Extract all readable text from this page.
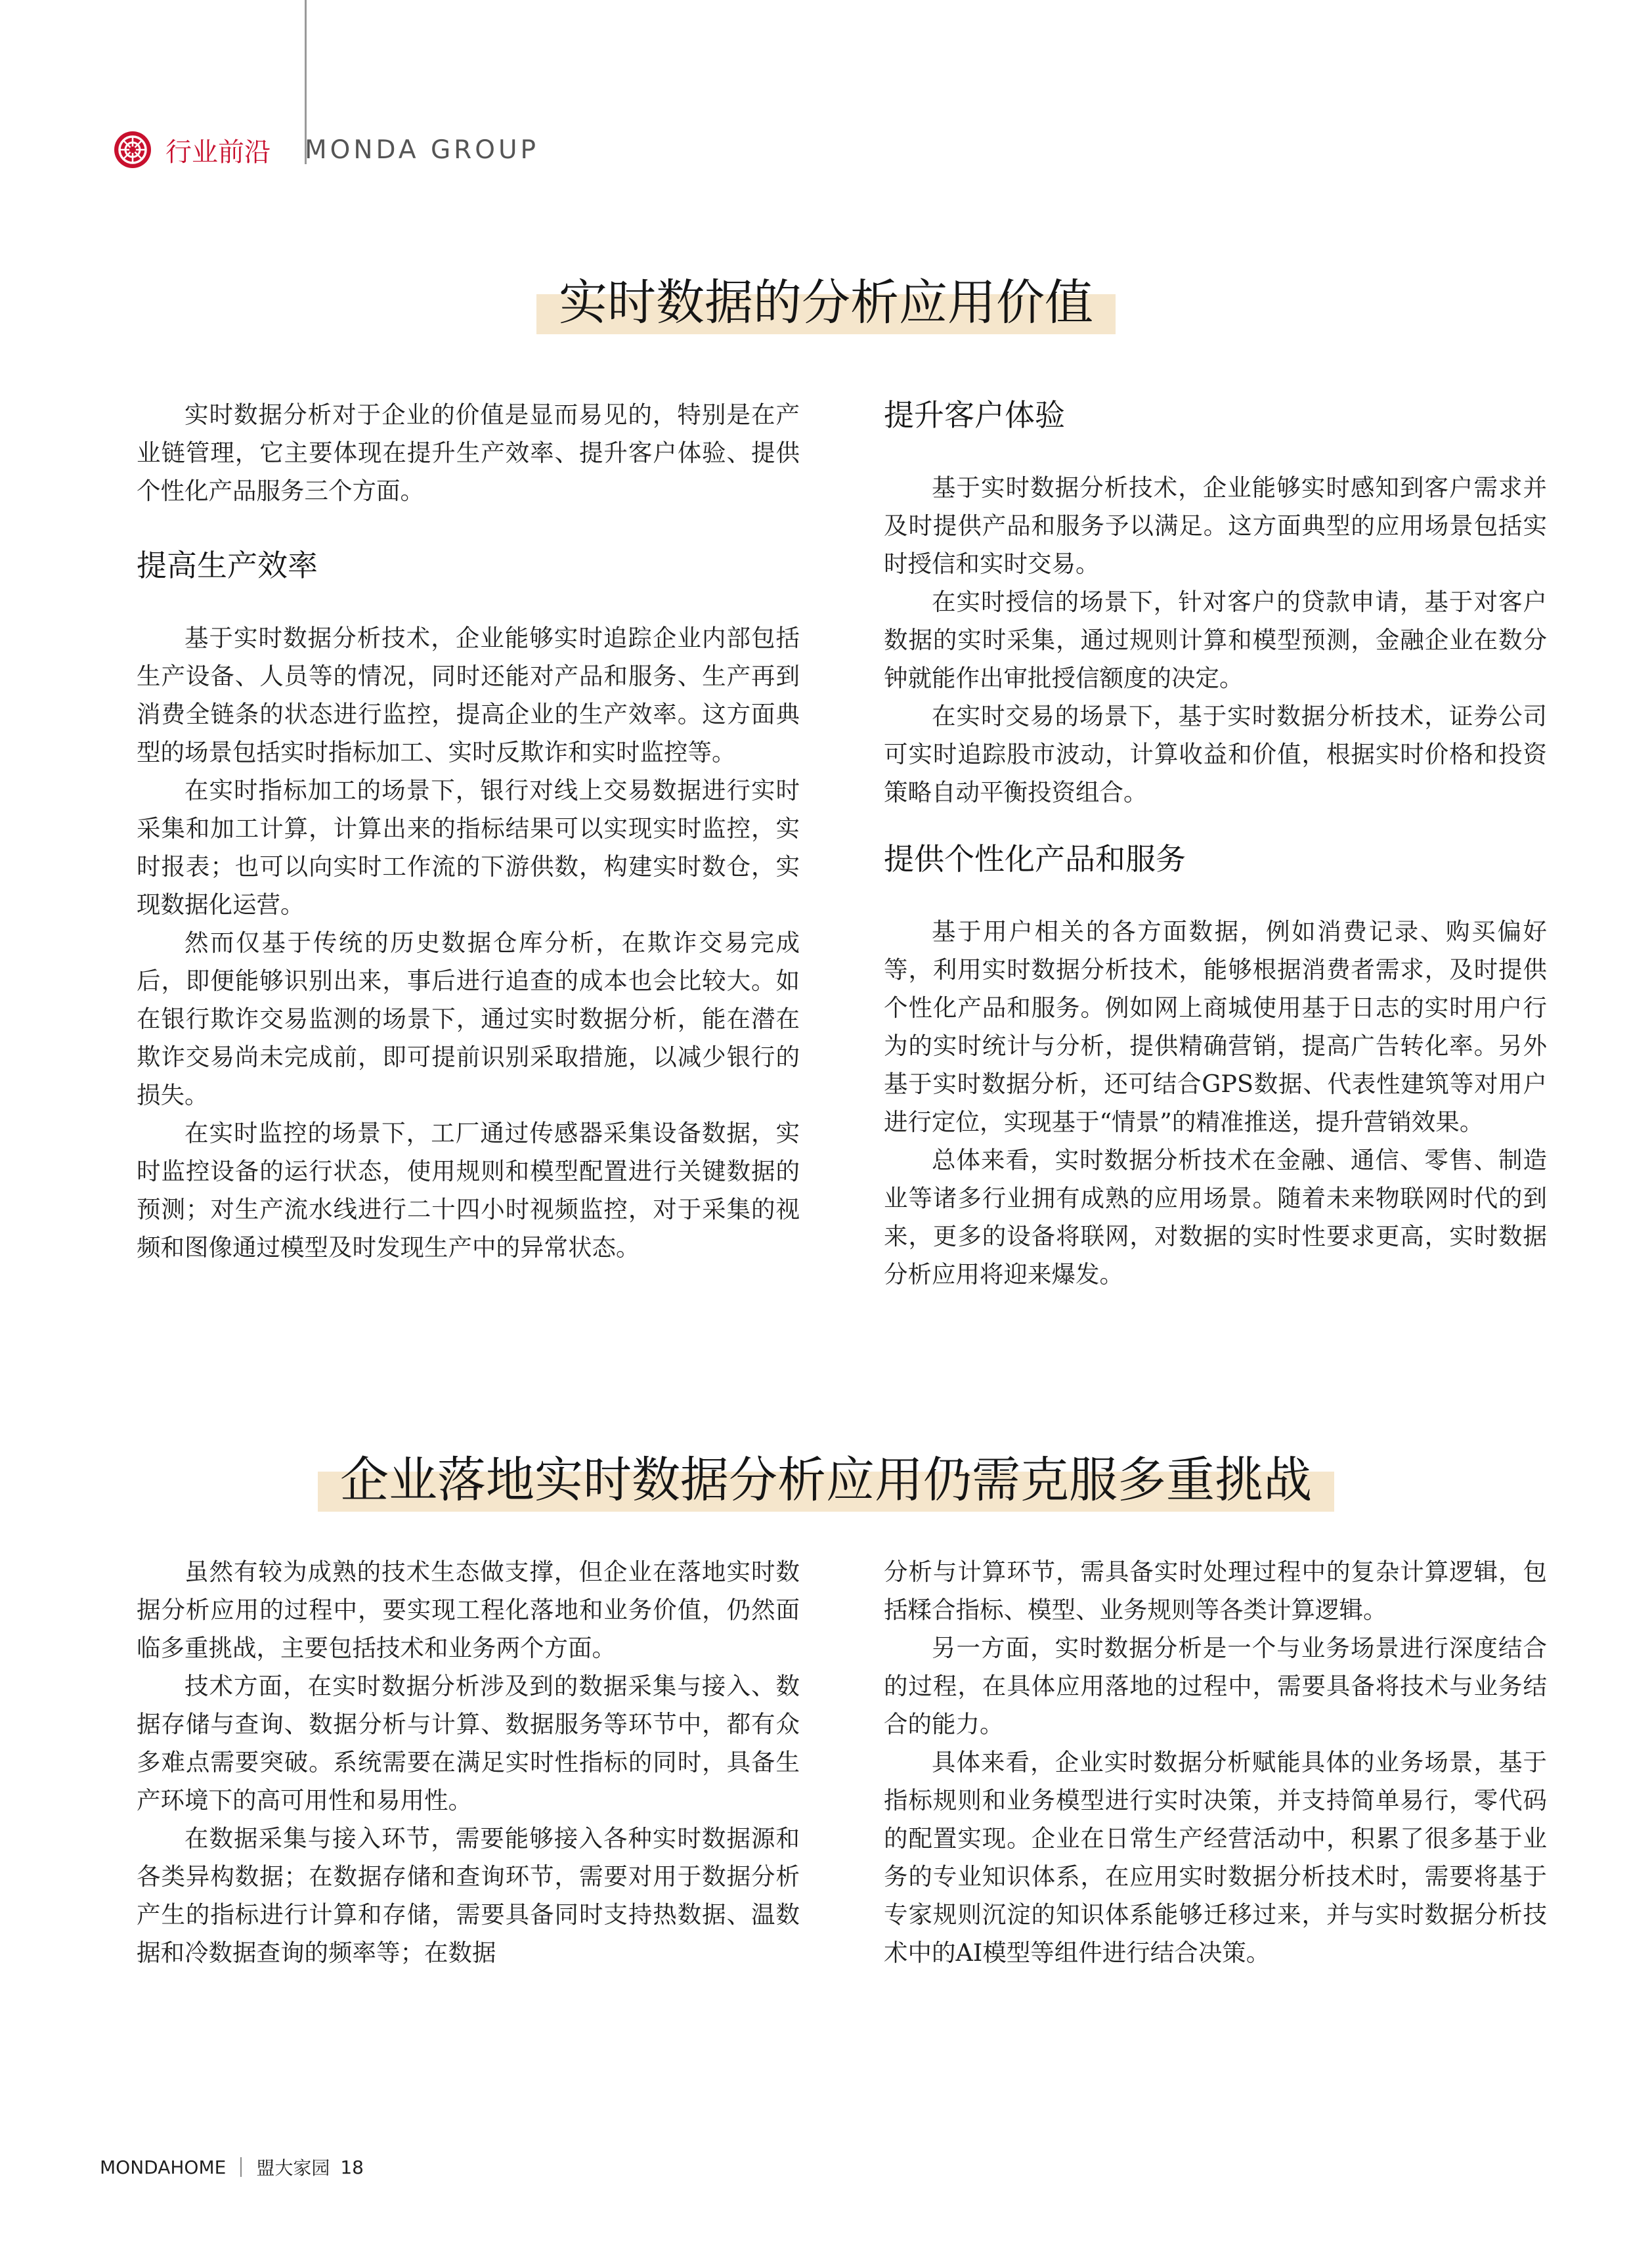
行业前沿 MONDA GROUP
实时数据的分析应用价值

实时数据分析对于企业的价值是显而易见的，特别是在产业链管理，它主要体现在提升生产效率、提升客户体验、提供个性化产品服务三个方面。

提高生产效率

基于实时数据分析技术，企业能够实时追踪企业内部包括生产设备、人员等的情况，同时还能对产品和服务、生产再到消费全链条的状态进行监控，提高企业的生产效率。这方面典型的场景包括实时指标加工、实时反欺诈和实时监控等。

在实时指标加工的场景下，银行对线上交易数据进行实时采集和加工计算，计算出来的指标结果可以实现实时监控，实时报表；也可以向实时工作流的下游供数，构建实时数仓，实现数据化运营。

然而仅基于传统的历史数据仓库分析，在欺诈交易完成后，即便能够识别出来，事后进行追查的成本也会比较大。如在银行欺诈交易监测的场景下，通过实时数据分析，能在潜在欺诈交易尚未完成前，即可提前识别采取措施，以减少银行的损失。

在实时监控的场景下，工厂通过传感器采集设备数据，实时监控设备的运行状态，使用规则和模型配置进行关键数据的预测；对生产流水线进行二十四小时视频监控，对于采集的视频和图像通过模型及时发现生产中的异常状态。

提升客户体验

基于实时数据分析技术，企业能够实时感知到客户需求并及时提供产品和服务予以满足。这方面典型的应用场景包括实时授信和实时交易。

在实时授信的场景下，针对客户的贷款申请，基于对客户数据的实时采集，通过规则计算和模型预测，金融企业在数分钟就能作出审批授信额度的决定。

在实时交易的场景下，基于实时数据分析技术，证券公司可实时追踪股市波动，计算收益和价值，根据实时价格和投资策略自动平衡投资组合。

提供个性化产品和服务

基于用户相关的各方面数据，例如消费记录、购买偏好等，利用实时数据分析技术，能够根据消费者需求，及时提供个性化产品和服务。例如网上商城使用基于日志的实时用户行为的实时统计与分析，提供精确营销，提高广告转化率。另外基于实时数据分析，还可结合GPS数据、代表性建筑等对用户进行定位，实现基于“情景”的精准推送，提升营销效果。

总体来看，实时数据分析技术在金融、通信、零售、制造业等诸多行业拥有成熟的应用场景。随着未来物联网时代的到来，更多的设备将联网，对数据的实时性要求更高，实时数据分析应用将迎来爆发。

企业落地实时数据分析应用仍需克服多重挑战

虽然有较为成熟的技术生态做支撑，但企业在落地实时数据分析应用的过程中，要实现工程化落地和业务价值，仍然面临多重挑战，主要包括技术和业务两个方面。

技术方面，在实时数据分析涉及到的数据采集与接入、数据存储与查询、数据分析与计算、数据服务等环节中，都有众多难点需要突破。系统需要在满足实时性指标的同时，具备生产环境下的高可用性和易用性。

在数据采集与接入环节，需要能够接入各种实时数据源和各类异构数据；在数据存储和查询环节，需要对用于数据分析产生的指标进行计算和存储，需要具备同时支持热数据、温数据和冷数据查询的频率等；在数据

分析与计算环节，需具备实时处理过程中的复杂计算逻辑，包括糅合指标、模型、业务规则等各类计算逻辑。

另一方面，实时数据分析是一个与业务场景进行深度结合的过程，在具体应用落地的过程中，需要具备将技术与业务结合的能力。

具体来看，企业实时数据分析赋能具体的业务场景，基于指标规则和业务模型进行实时决策，并支持简单易行，零代码的配置实现。企业在日常生产经营活动中，积累了很多基于业务的专业知识体系，在应用实时数据分析技术时，需要将基于专家规则沉淀的知识体系能够迁移过来，并与实时数据分析技术中的AI模型等组件进行结合决策。

MONDAHOME 盟大家园 18
